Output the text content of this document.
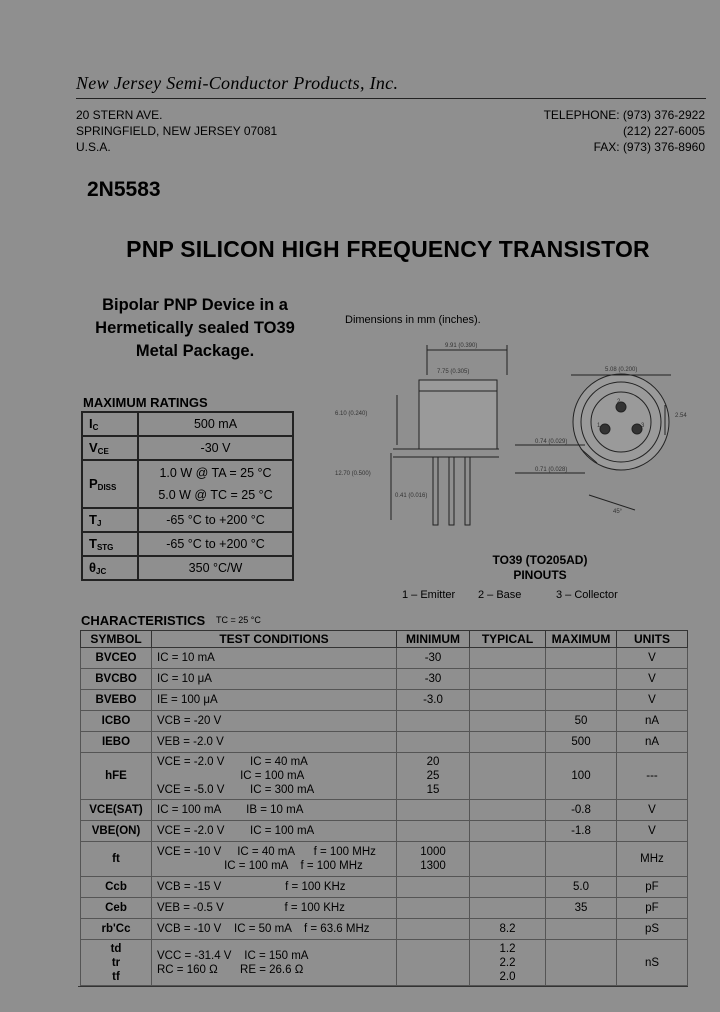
New Jersey Semi-Conductor Products, Inc.
20 STERN AVE.
SPRINGFIELD, NEW JERSEY 07081
U.S.A.
TELEPHONE: (973) 376-2922
(212) 227-6005
FAX: (973) 376-8960
2N5583
PNP SILICON HIGH FREQUENCY TRANSISTOR
Bipolar PNP Device in a
Hermetically sealed TO39
Metal Package.
Dimensions in mm (inches).
9.91 (0.390)
7.75 (0.305)
6.10 (0.240)
12.70 (0.500)
0.41 (0.016)
0.74 (0.029)
0.71 (0.028)
5.08 (0.200)
2.54
2
1	3
45°
MAXIMUM RATINGS
$I_C$	500 mA
$V_{CE}$	-30 V
$P_{DISS}$	1.0 W @ TA = 25 °C
5.0 W @ TC = 25 °C

$T_J$	-65 °C to +200 °C
$T_{STG}$	-65 °C to +200 °C
$\theta_{JC}$	350 °C/W
TO39 (TO205AD)
PINOUTS
1 – Emitter 2 – Base	3 – Collector
CHARACTERISTICS TC = 25 °C
SYMBOL	TEST CONDITIONS	MINIMUM	TYPICAL	MAXIMUM	UNITS
BVCEO	IC = 10 mA	-30			V
BVCBO	IC = 10 μA	-30			V
BVEBO	IE = 100 μA	-3.0			V
ICBO	VCB = -20 V			50	nA
IEBO	VEB = -2.0 V			500	nA
hFE	VCE = -2.0 V        IC = 40 mA
IC = 100 mA
VCE = -5.0 V        IC = 300 mA	20
25
15		100	---
VCE(SAT)	IC = 100 mA        IB = 10 mA			-0.8	V
VBE(ON)	VCE = -2.0 V        IC = 100 mA			-1.8	V
ft	VCE = -10 V     IC = 40 mA      f = 100 MHz
IC = 100 mA    f = 100 MHz	1000
1300			MHz
Ccb	VCB = -15 V                    f = 100 KHz			5.0	pF
Ceb	VEB = -0.5 V                   f = 100 KHz			35	pF
rb'Cc	VCB = -10 V    IC = 50 mA    f = 63.6 MHz		8.2		pS
td
tr
tf	VCC = -31.4 V    IC = 150 mA
RC = 160 Ω       RE = 26.6 Ω		1.2
2.2
2.0		nS
